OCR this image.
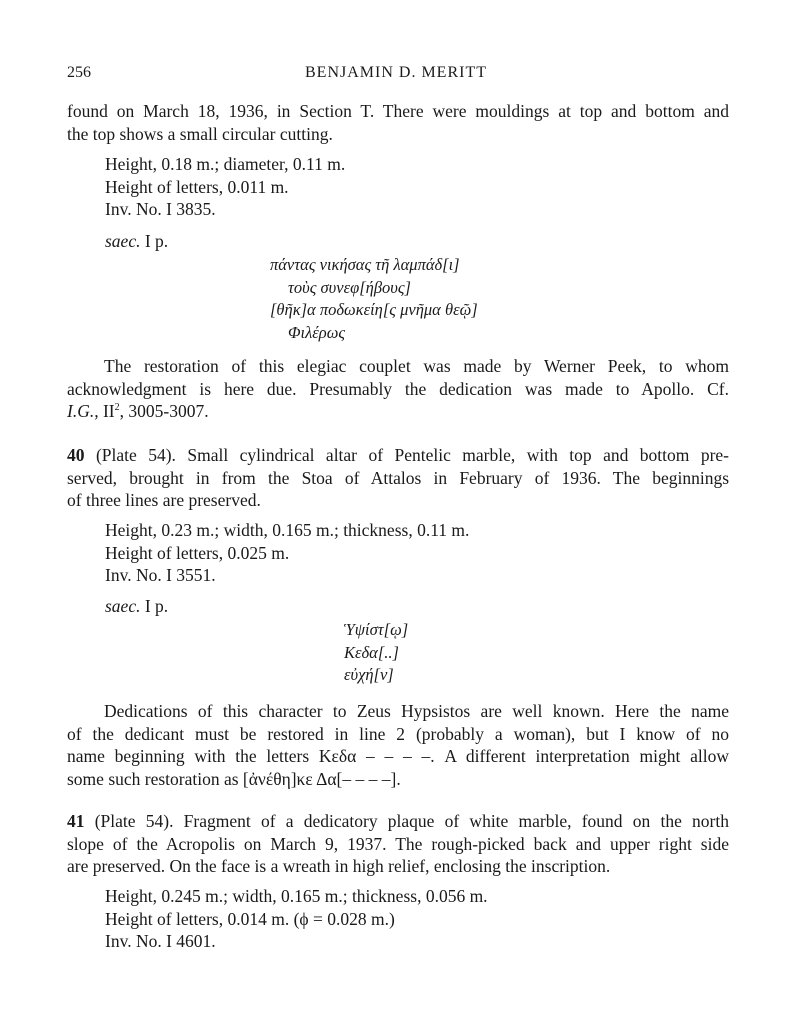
256	BENJAMIN D. MERITT
found on March 18, 1936, in Section T. There were mouldings at top and bottom and
the top shows a small circular cutting.
Height, 0.18 m.; diameter, 0.11 m.
Height of letters, 0.011 m.
Inv. No. I 3835.
saec. I p.
πάντας νικήσας τῆ λαμπάδ[ι]
τοὺς συνεφ[ήβους]
[θῆκ]α ποδωκείη[ς μνῆμα θεῷ]
Φιλέρως
The restoration of this elegiac couplet was made by Werner Peek, to whom
acknowledgment is here due. Presumably the dedication was made to Apollo. Cf.
I.G., $II^2$, 3005-3007.
40 (Plate 54). Small cylindrical altar of Pentelic marble, with top and bottom pre-
served, brought in from the Stoa of Attalos in February of 1936. The beginnings
of three lines are preserved.
Height, 0.23 m.; width, 0.165 m.; thickness, 0.11 m.
Height of letters, 0.025 m.
Inv. No. I 3551.
saec. I p.
Ὑψίστ[ῳ]
Κεδα[..]
εὐχή[ν]
Dedications of this character to Zeus Hypsistos are well known. Here the name
of the dedicant must be restored in line 2 (probably a woman), but I know of no
name beginning with the letters Κεδα – – – –. A different interpretation might allow
some such restoration as [ἀνέθη]κε Δα[– – – –].
41 (Plate 54). Fragment of a dedicatory plaque of white marble, found on the north
slope of the Acropolis on March 9, 1937. The rough-picked back and upper right side
are preserved. On the face is a wreath in high relief, enclosing the inscription.
Height, 0.245 m.; width, 0.165 m.; thickness, 0.056 m.
Height of letters, 0.014 m. (ϕ = 0.028 m.)
Inv. No. I 4601.
